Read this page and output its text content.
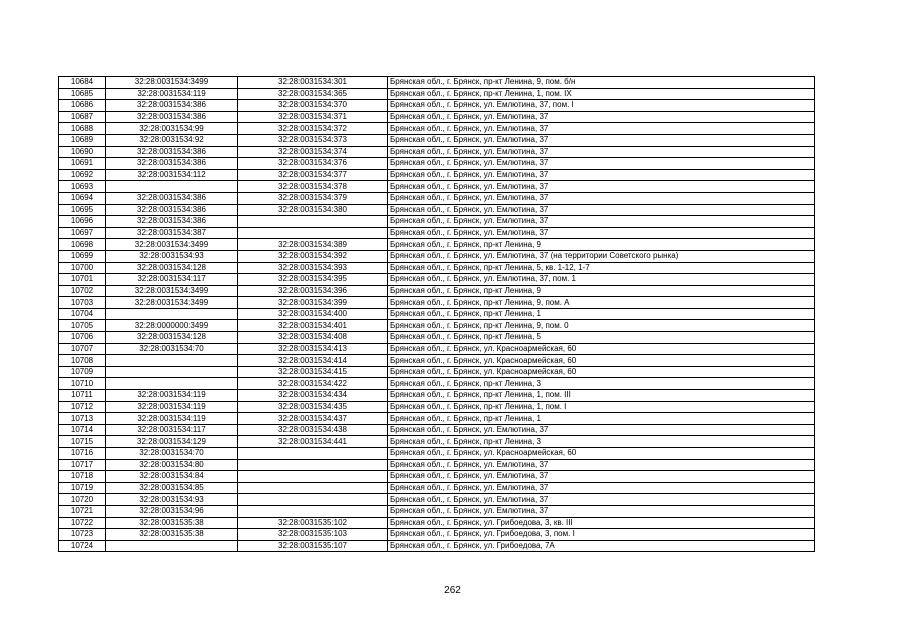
10684	32:28:0031534:3499	32:28:0031534:301	Брянская обл., г. Брянск, пр-кт Ленина, 9, пом. б/н
10685	32:28:0031534:119	32:28:0031534:365	Брянская обл., г. Брянск, пр-кт Ленина, 1, пом. IX
10686	32:28:0031534:386	32:28:0031534:370	Брянская обл., г. Брянск, ул. Емлютина, 37, пом. I
10687	32:28:0031534:386	32:28:0031534:371	Брянская обл., г. Брянск, ул. Емлютина, 37
10688	32:28:0031534:99	32:28:0031534:372	Брянская обл., г. Брянск, ул. Емлютина, 37
10689	32:28:0031534:92	32:28:0031534:373	Брянская обл., г. Брянск, ул. Емлютина, 37
10690	32:28:0031534:386	32:28:0031534:374	Брянская обл., г. Брянск, ул. Емлютина, 37
10691	32:28:0031534:386	32:28:0031534:376	Брянская обл., г. Брянск, ул. Емлютина, 37
10692	32:28:0031534:112	32:28:0031534:377	Брянская обл., г. Брянск, ул. Емлютина, 37
10693		32:28:0031534:378	Брянская обл., г. Брянск, ул. Емлютина, 37
10694	32:28:0031534:386	32:28:0031534:379	Брянская обл., г. Брянск, ул. Емлютина, 37
10695	32:28:0031534:386	32:28:0031534:380	Брянская обл., г. Брянск, ул. Емлютина, 37
10696	32:28:0031534:386		Брянская обл., г. Брянск, ул. Емлютина, 37
10697	32:28:0031534:387		Брянская обл., г. Брянск, ул. Емлютина, 37
10698	32:28:0031534:3499	32:28:0031534:389	Брянская обл., г. Брянск, пр-кт Ленина, 9
10699	32:28:0031534:93	32:28:0031534:392	Брянская обл., г. Брянск, ул. Емлютина, 37 (на территории Советского рынка)
10700	32:28:0031534:128	32:28:0031534:393	Брянская обл., г. Брянск, пр-кт Ленина, 5, кв. 1-12, 1-7
10701	32:28:0031534:117	32:28:0031534:395	Брянская обл., г. Брянск, ул. Емлютина, 37, пом. 1
10702	32:28:0031534:3499	32:28:0031534:396	Брянская обл., г. Брянск, пр-кт Ленина, 9
10703	32:28:0031534:3499	32:28:0031534:399	Брянская обл., г. Брянск, пр-кт Ленина, 9, пом. А
10704		32:28:0031534:400	Брянская обл., г. Брянск, пр-кт Ленина, 1
10705	32:28:0000000:3499	32:28:0031534:401	Брянская обл., г. Брянск, пр-кт Ленина, 9, пом. 0
10706	32:28:0031534:128	32:28:0031534:408	Брянская обл., г. Брянск, пр-кт Ленина, 5
10707	32:28:0031534:70	32:28:0031534:413	Брянская обл., г. Брянск, ул. Красноармейская, 60
10708		32:28:0031534:414	Брянская обл., г. Брянск, ул. Красноармейская, 60
10709		32:28:0031534:415	Брянская обл., г. Брянск, ул. Красноармейская, 60
10710		32:28:0031534:422	Брянская обл., г. Брянск, пр-кт Ленина, 3
10711	32:28:0031534:119	32:28:0031534:434	Брянская обл., г. Брянск, пр-кт Ленина, 1, пом. III
10712	32:28:0031534:119	32:28:0031534:435	Брянская обл., г. Брянск, пр-кт Ленина, 1, пом. I
10713	32:28:0031534:119	32:28:0031534:437	Брянская обл., г. Брянск, пр-кт Ленина, 1
10714	32:28:0031534:117	32:28:0031534:438	Брянская обл., г. Брянск, ул. Емлютина, 37
10715	32:28:0031534:129	32:28:0031534:441	Брянская обл., г. Брянск, пр-кт Ленина, 3
10716	32:28:0031534:70		Брянская обл., г. Брянск, ул. Красноармейская, 60
10717	32:28:0031534:80		Брянская обл., г. Брянск, ул. Емлютина, 37
10718	32:28:0031534:84		Брянская обл., г. Брянск, ул. Емлютина, 37
10719	32:28:0031534:85		Брянская обл., г. Брянск, ул. Емлютина, 37
10720	32:28:0031534:93		Брянская обл., г. Брянск, ул. Емлютина, 37
10721	32:28:0031534:96		Брянская обл., г. Брянск, ул. Емлютина, 37
10722	32:28:0031535:38	32:28:0031535:102	Брянская обл., г. Брянск, ул. Грибоедова, 3, кв. III
10723	32:28:0031535:38	32:28:0031535:103	Брянская обл., г. Брянск, ул. Грибоедова, 3, пом. I
10724		32:28:0031535:107	Брянская обл., г. Брянск, ул. Грибоедова, 7А
262
